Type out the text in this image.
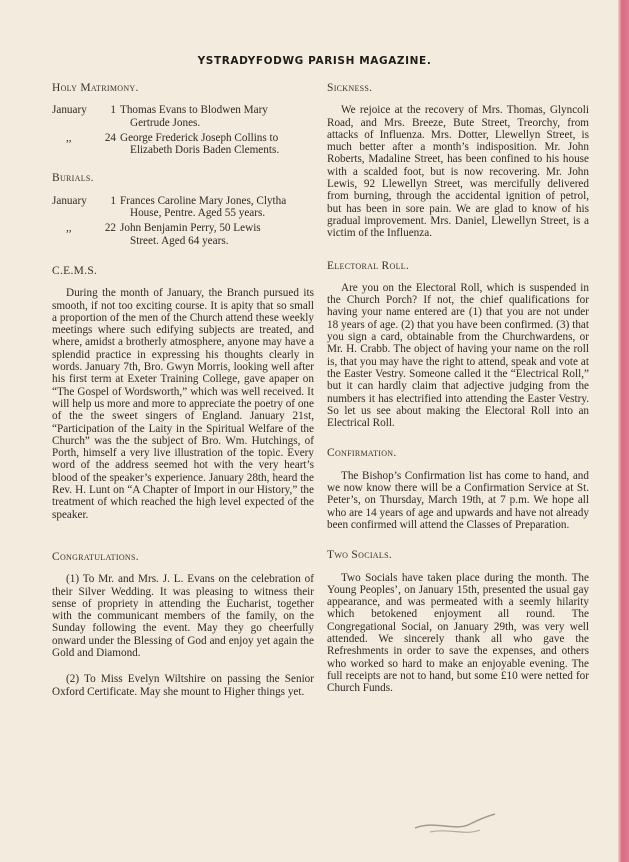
YSTRADYFODWG PARISH MAGAZINE.
Holy Matrimony.
January 1 Thomas Evans to Blodwen Mary
Gertrude Jones.
,,	24 George Frederick Joseph Collins to
Elizabeth Doris Baden Clements.
Burials.
January 1 Frances Caroline Mary Jones, Clytha
House, Pentre. Aged 55 years.
,,	22 John Benjamin Perry, 50 Lewis
Street. Aged 64 years.
C.E.M.S.

During the month of January, the Branch pursued its smooth, if not too exciting course. It is apity that so small a proportion of the men of the Church attend these weekly meetings where such edifying subjects are treated, and where, amidst a brotherly atmosphere, anyone may have a splendid practice in expressing his thoughts clearly in words. January 7th, Bro. Gwyn Morris, looking well after his first term at Exeter Training College, gave apaper on “The Gospel of Wordsworth,” which was well received. It will help us more and more to appreciate the poetry of one of the the sweet singers of England. January 21st, “Participation of the Laity in the Spiritual Welfare of the Church” was the the subject of Bro. Wm. Hutchings, of Porth, himself a very live illustration of the topic. Every word of the address seemed hot with the very heart’s blood of the speaker’s experience. January 28th, heard the Rev. H. Lunt on “A Chapter of Import in our History,” the treatment of which reached the high level expected of the speaker.

Congratulations.

(1) To Mr. and Mrs. J. L. Evans on the celebration of their Silver Wedding. It was pleasing to witness their sense of propriety in attending the Eucharist, together with the communicant members of the family, on the Sunday following the event. May they go cheerfully onward under the Blessing of God and enjoy yet again the Gold and Diamond.

(2) To Miss Evelyn Wiltshire on passing the Senior Oxford Certificate. May she mount to Higher things yet.

Sickness.

We rejoice at the recovery of Mrs. Thomas, Glyncoli Road, and Mrs. Breeze, Bute Street, Treorchy, from attacks of Influenza. Mrs. Dotter, Llewellyn Street, is much better after a month’s indisposition. Mr. John Roberts, Madaline Street, has been confined to his house with a scalded foot, but is now recovering. Mr. John Lewis, 92 Llewellyn Street, was mercifully delivered from burning, through the accidental ignition of petrol, but has been in sore pain. We are glad to know of his gradual improvement. Mrs. Daniel, Llewellyn Street, is a victim of the Influenza.

Electoral Roll.

Are you on the Electoral Roll, which is suspended in the Church Porch? If not, the chief qualifications for having your name entered are (1) that you are not under 18 years of age. (2) that you have been confirmed. (3) that you sign a card, obtainable from the Churchwardens, or Mr. H. Crabb. The object of having your name on the roll is, that you may have the right to attend, speak and vote at the Easter Vestry. Someone called it the “Electrical Roll,” but it can hardly claim that adjective judging from the numbers it has electrified into attending the Easter Vestry. So let us see about making the Electoral Roll into an Electrical Roll.

Confirmation.

The Bishop’s Confirmation list has come to hand, and we now know there will be a Confirmation Service at St. Peter’s, on Thursday, March 19th, at 7 p.m. We hope all who are 14 years of age and upwards and have not already been confirmed will attend the Classes of Preparation.

Two Socials.

Two Socials have taken place during the month. The Young Peoples’, on January 15th, presented the usual gay appearance, and was permeated with a seemly hilarity which betokened enjoyment all round. The Congregational Social, on January 29th, was very well attended. We sincerely thank all who gave the Refreshments in order to save the expenses, and others who worked so hard to make an enjoyable evening. The full receipts are not to hand, but some £10 were netted for Church Funds.
